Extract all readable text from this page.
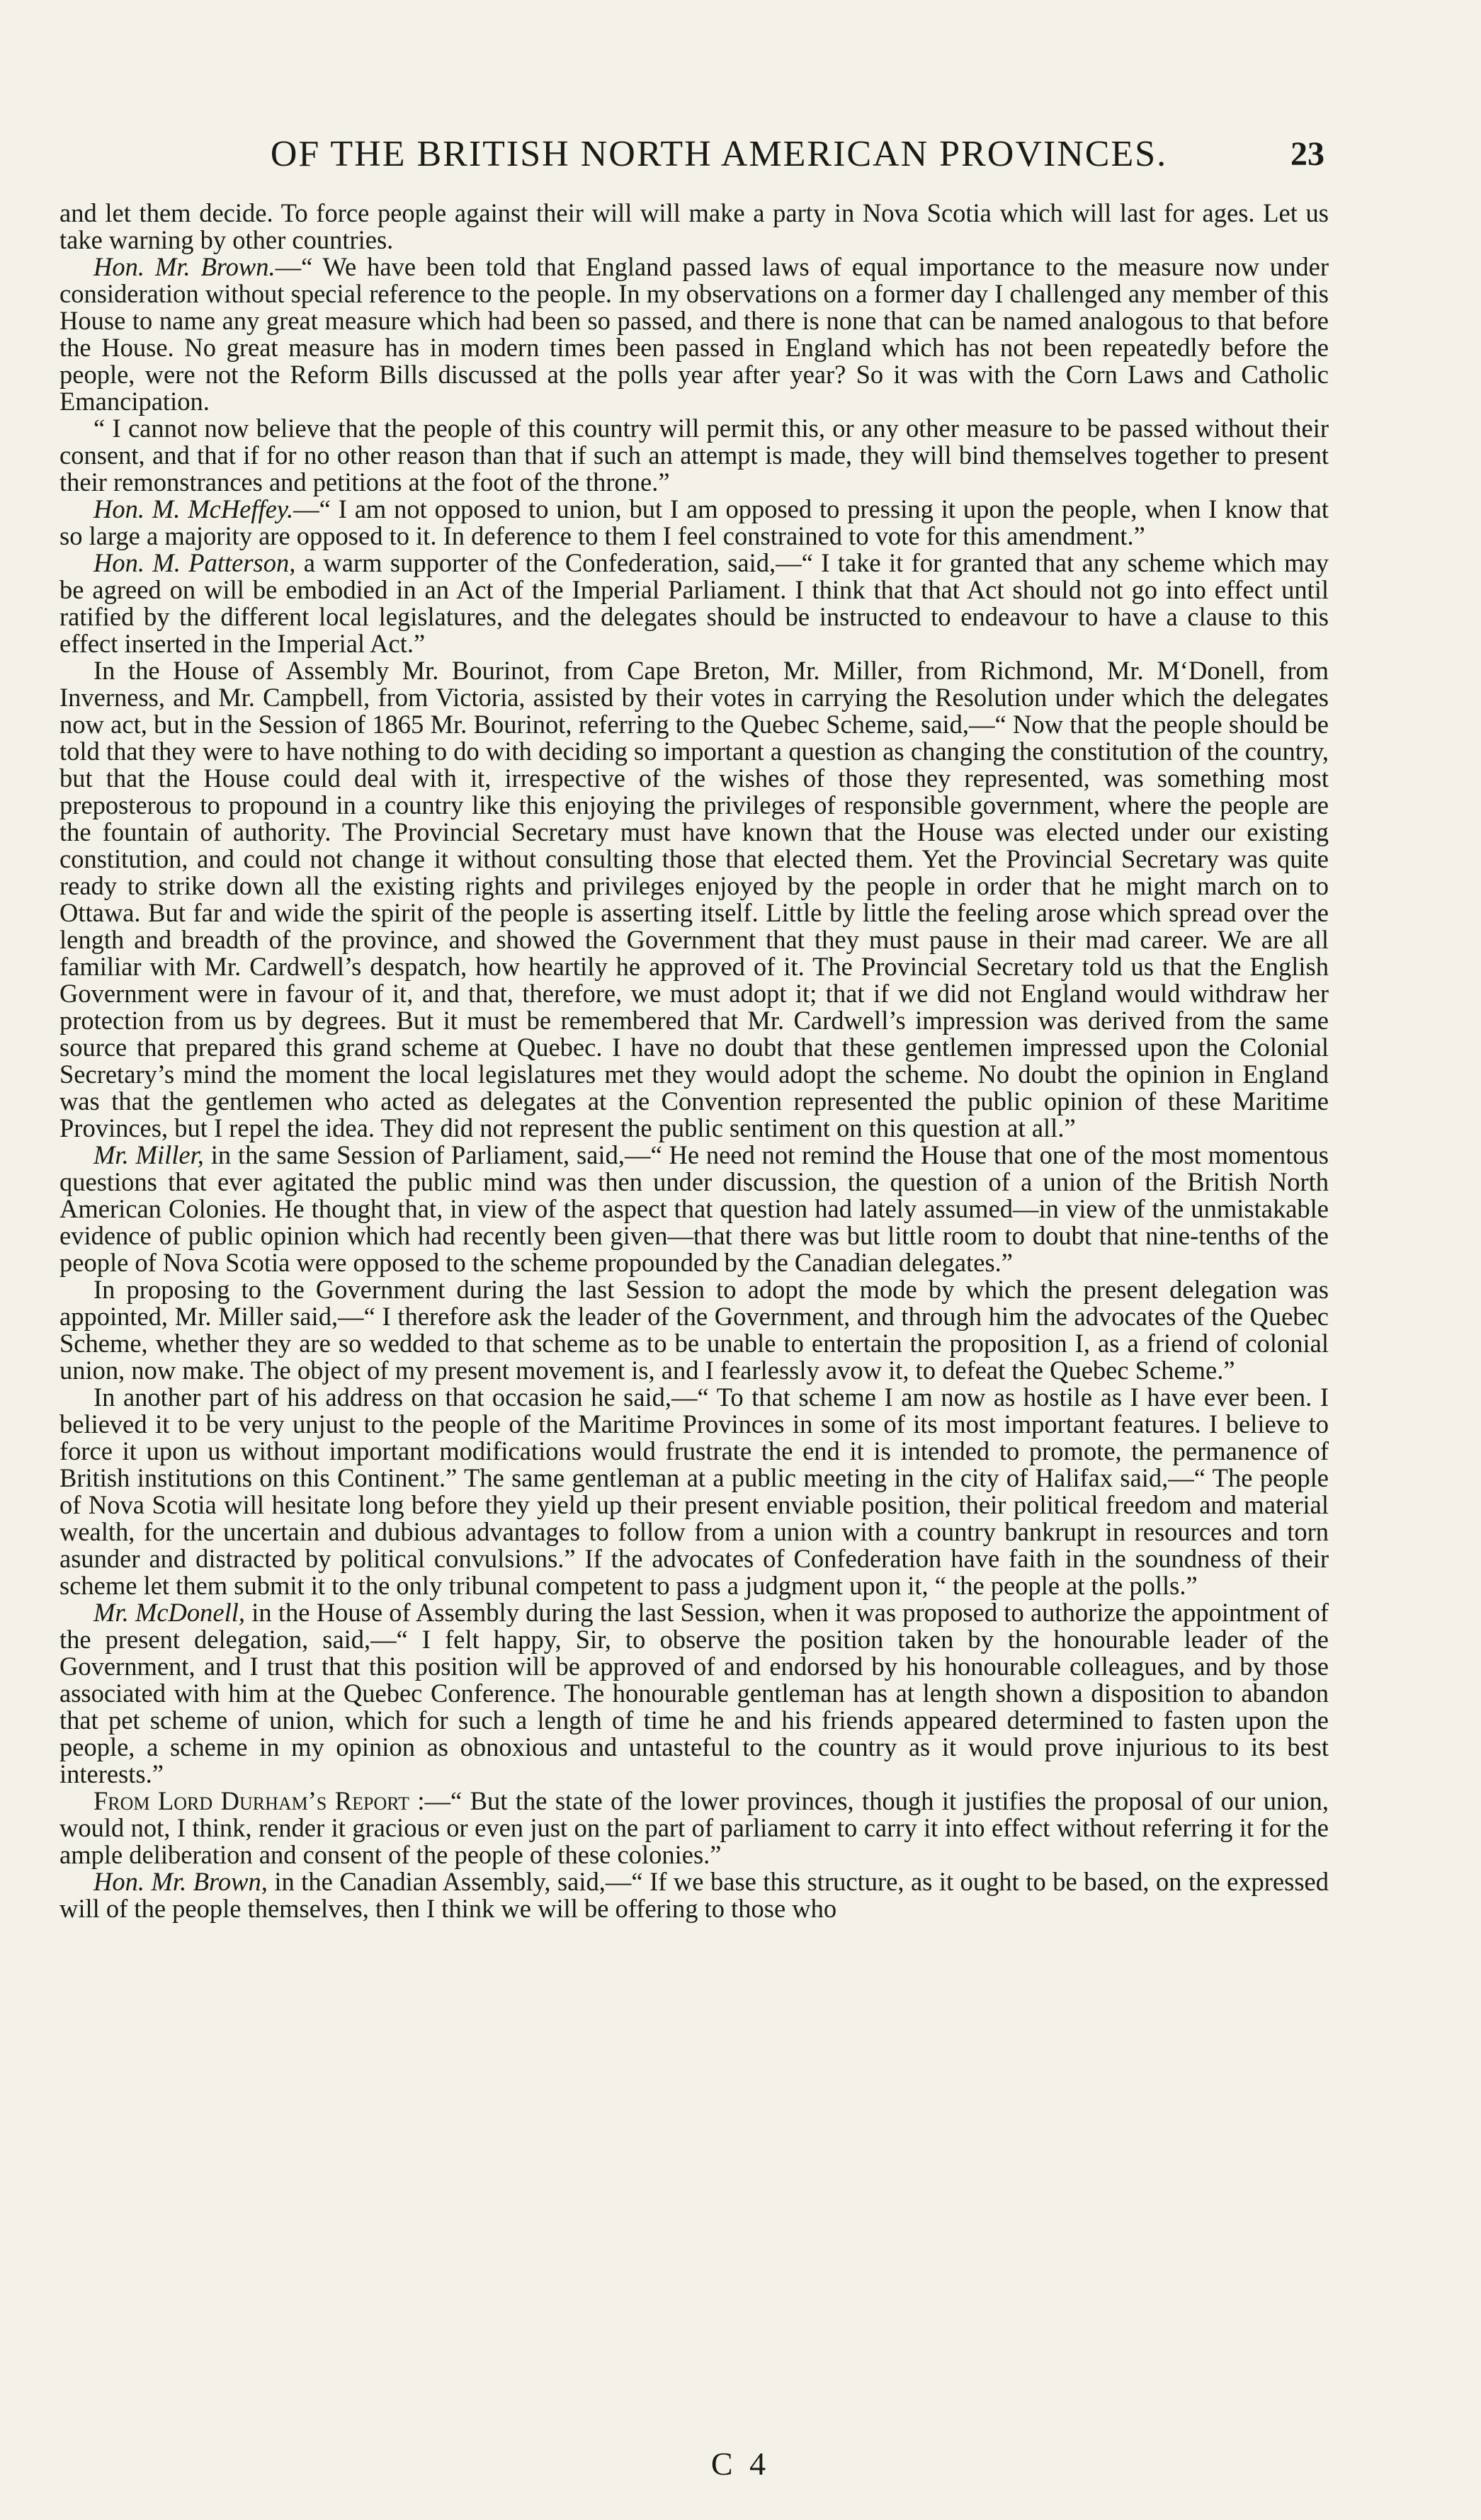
OF THE BRITISH NORTH AMERICAN PROVINCES.	23

and let them decide. To force people against their will will make a party in Nova Scotia which will last for ages. Let us take warning by other countries.

Hon. Mr. Brown.—“ We have been told that England passed laws of equal importance to the measure now under consideration without special reference to the people. In my observations on a former day I challenged any member of this House to name any great measure which had been so passed, and there is none that can be named analogous to that before the House. No great measure has in modern times been passed in England which has not been repeatedly before the people, were not the Reform Bills discussed at the polls year after year? So it was with the Corn Laws and Catholic Emancipation.

“ I cannot now believe that the people of this country will permit this, or any other measure to be passed without their consent, and that if for no other reason than that if such an attempt is made, they will bind themselves together to present their remonstrances and petitions at the foot of the throne.”

Hon. M. McHeffey.—“ I am not opposed to union, but I am opposed to pressing it upon the people, when I know that so large a majority are opposed to it. In deference to them I feel constrained to vote for this amendment.”

Hon. M. Patterson, a warm supporter of the Confederation, said,—“ I take it for granted that any scheme which may be agreed on will be embodied in an Act of the Imperial Parliament. I think that that Act should not go into effect until ratified by the different local legislatures, and the delegates should be instructed to endeavour to have a clause to this effect inserted in the Imperial Act.”

In the House of Assembly Mr. Bourinot, from Cape Breton, Mr. Miller, from Richmond, Mr. M‘Donell, from Inverness, and Mr. Campbell, from Victoria, assisted by their votes in carrying the Resolution under which the delegates now act, but in the Session of 1865 Mr. Bourinot, referring to the Quebec Scheme, said,—“ Now that the people should be told that they were to have nothing to do with deciding so important a question as changing the constitution of the country, but that the House could deal with it, irrespective of the wishes of those they represented, was something most preposterous to propound in a country like this enjoying the privileges of responsible government, where the people are the fountain of authority. The Provincial Secretary must have known that the House was elected under our existing constitution, and could not change it without consulting those that elected them. Yet the Provincial Secretary was quite ready to strike down all the existing rights and privileges enjoyed by the people in order that he might march on to Ottawa. But far and wide the spirit of the people is asserting itself. Little by little the feeling arose which spread over the length and breadth of the province, and showed the Government that they must pause in their mad career. We are all familiar with Mr. Cardwell’s despatch, how heartily he approved of it. The Provincial Secretary told us that the English Government were in favour of it, and that, therefore, we must adopt it; that if we did not England would withdraw her protection from us by degrees. But it must be remembered that Mr. Cardwell’s impression was derived from the same source that prepared this grand scheme at Quebec. I have no doubt that these gentlemen impressed upon the Colonial Secretary’s mind the moment the local legislatures met they would adopt the scheme. No doubt the opinion in England was that the gentlemen who acted as delegates at the Convention represented the public opinion of these Maritime Provinces, but I repel the idea. They did not represent the public sentiment on this question at all.”

Mr. Miller, in the same Session of Parliament, said,—“ He need not remind the House that one of the most momentous questions that ever agitated the public mind was then under discussion, the question of a union of the British North American Colonies. He thought that, in view of the aspect that question had lately assumed—in view of the unmistakable evidence of public opinion which had recently been given—that there was but little room to doubt that nine-tenths of the people of Nova Scotia were opposed to the scheme propounded by the Canadian delegates.”

In proposing to the Government during the last Session to adopt the mode by which the present delegation was appointed, Mr. Miller said,—“ I therefore ask the leader of the Government, and through him the advocates of the Quebec Scheme, whether they are so wedded to that scheme as to be unable to entertain the proposition I, as a friend of colonial union, now make. The object of my present movement is, and I fearlessly avow it, to defeat the Quebec Scheme.”

In another part of his address on that occasion he said,—“ To that scheme I am now as hostile as I have ever been. I believed it to be very unjust to the people of the Maritime Provinces in some of its most important features. I believe to force it upon us without important modifications would frustrate the end it is intended to promote, the permanence of British institutions on this Continent.” The same gentleman at a public meeting in the city of Halifax said,—“ The people of Nova Scotia will hesitate long before they yield up their present enviable position, their political freedom and material wealth, for the uncertain and dubious advantages to follow from a union with a country bankrupt in resources and torn asunder and distracted by political convulsions.” If the advocates of Confederation have faith in the soundness of their scheme let them submit it to the only tribunal competent to pass a judgment upon it, “ the people at the polls.”

Mr. McDonell, in the House of Assembly during the last Session, when it was proposed to authorize the appointment of the present delegation, said,—“ I felt happy, Sir, to observe the position taken by the honourable leader of the Government, and I trust that this position will be approved of and endorsed by his honourable colleagues, and by those associated with him at the Quebec Conference. The honourable gentleman has at length shown a disposition to abandon that pet scheme of union, which for such a length of time he and his friends appeared determined to fasten upon the people, a scheme in my opinion as obnoxious and untasteful to the country as it would prove injurious to its best interests.”

From Lord Durham’s Report :—“ But the state of the lower provinces, though it justifies the proposal of our union, would not, I think, render it gracious or even just on the part of parliament to carry it into effect without referring it for the ample deliberation and consent of the people of these colonies.”

Hon. Mr. Brown, in the Canadian Assembly, said,—“ If we base this structure, as it ought to be based, on the expressed will of the people themselves, then I think we will be offering to those who

C 4
